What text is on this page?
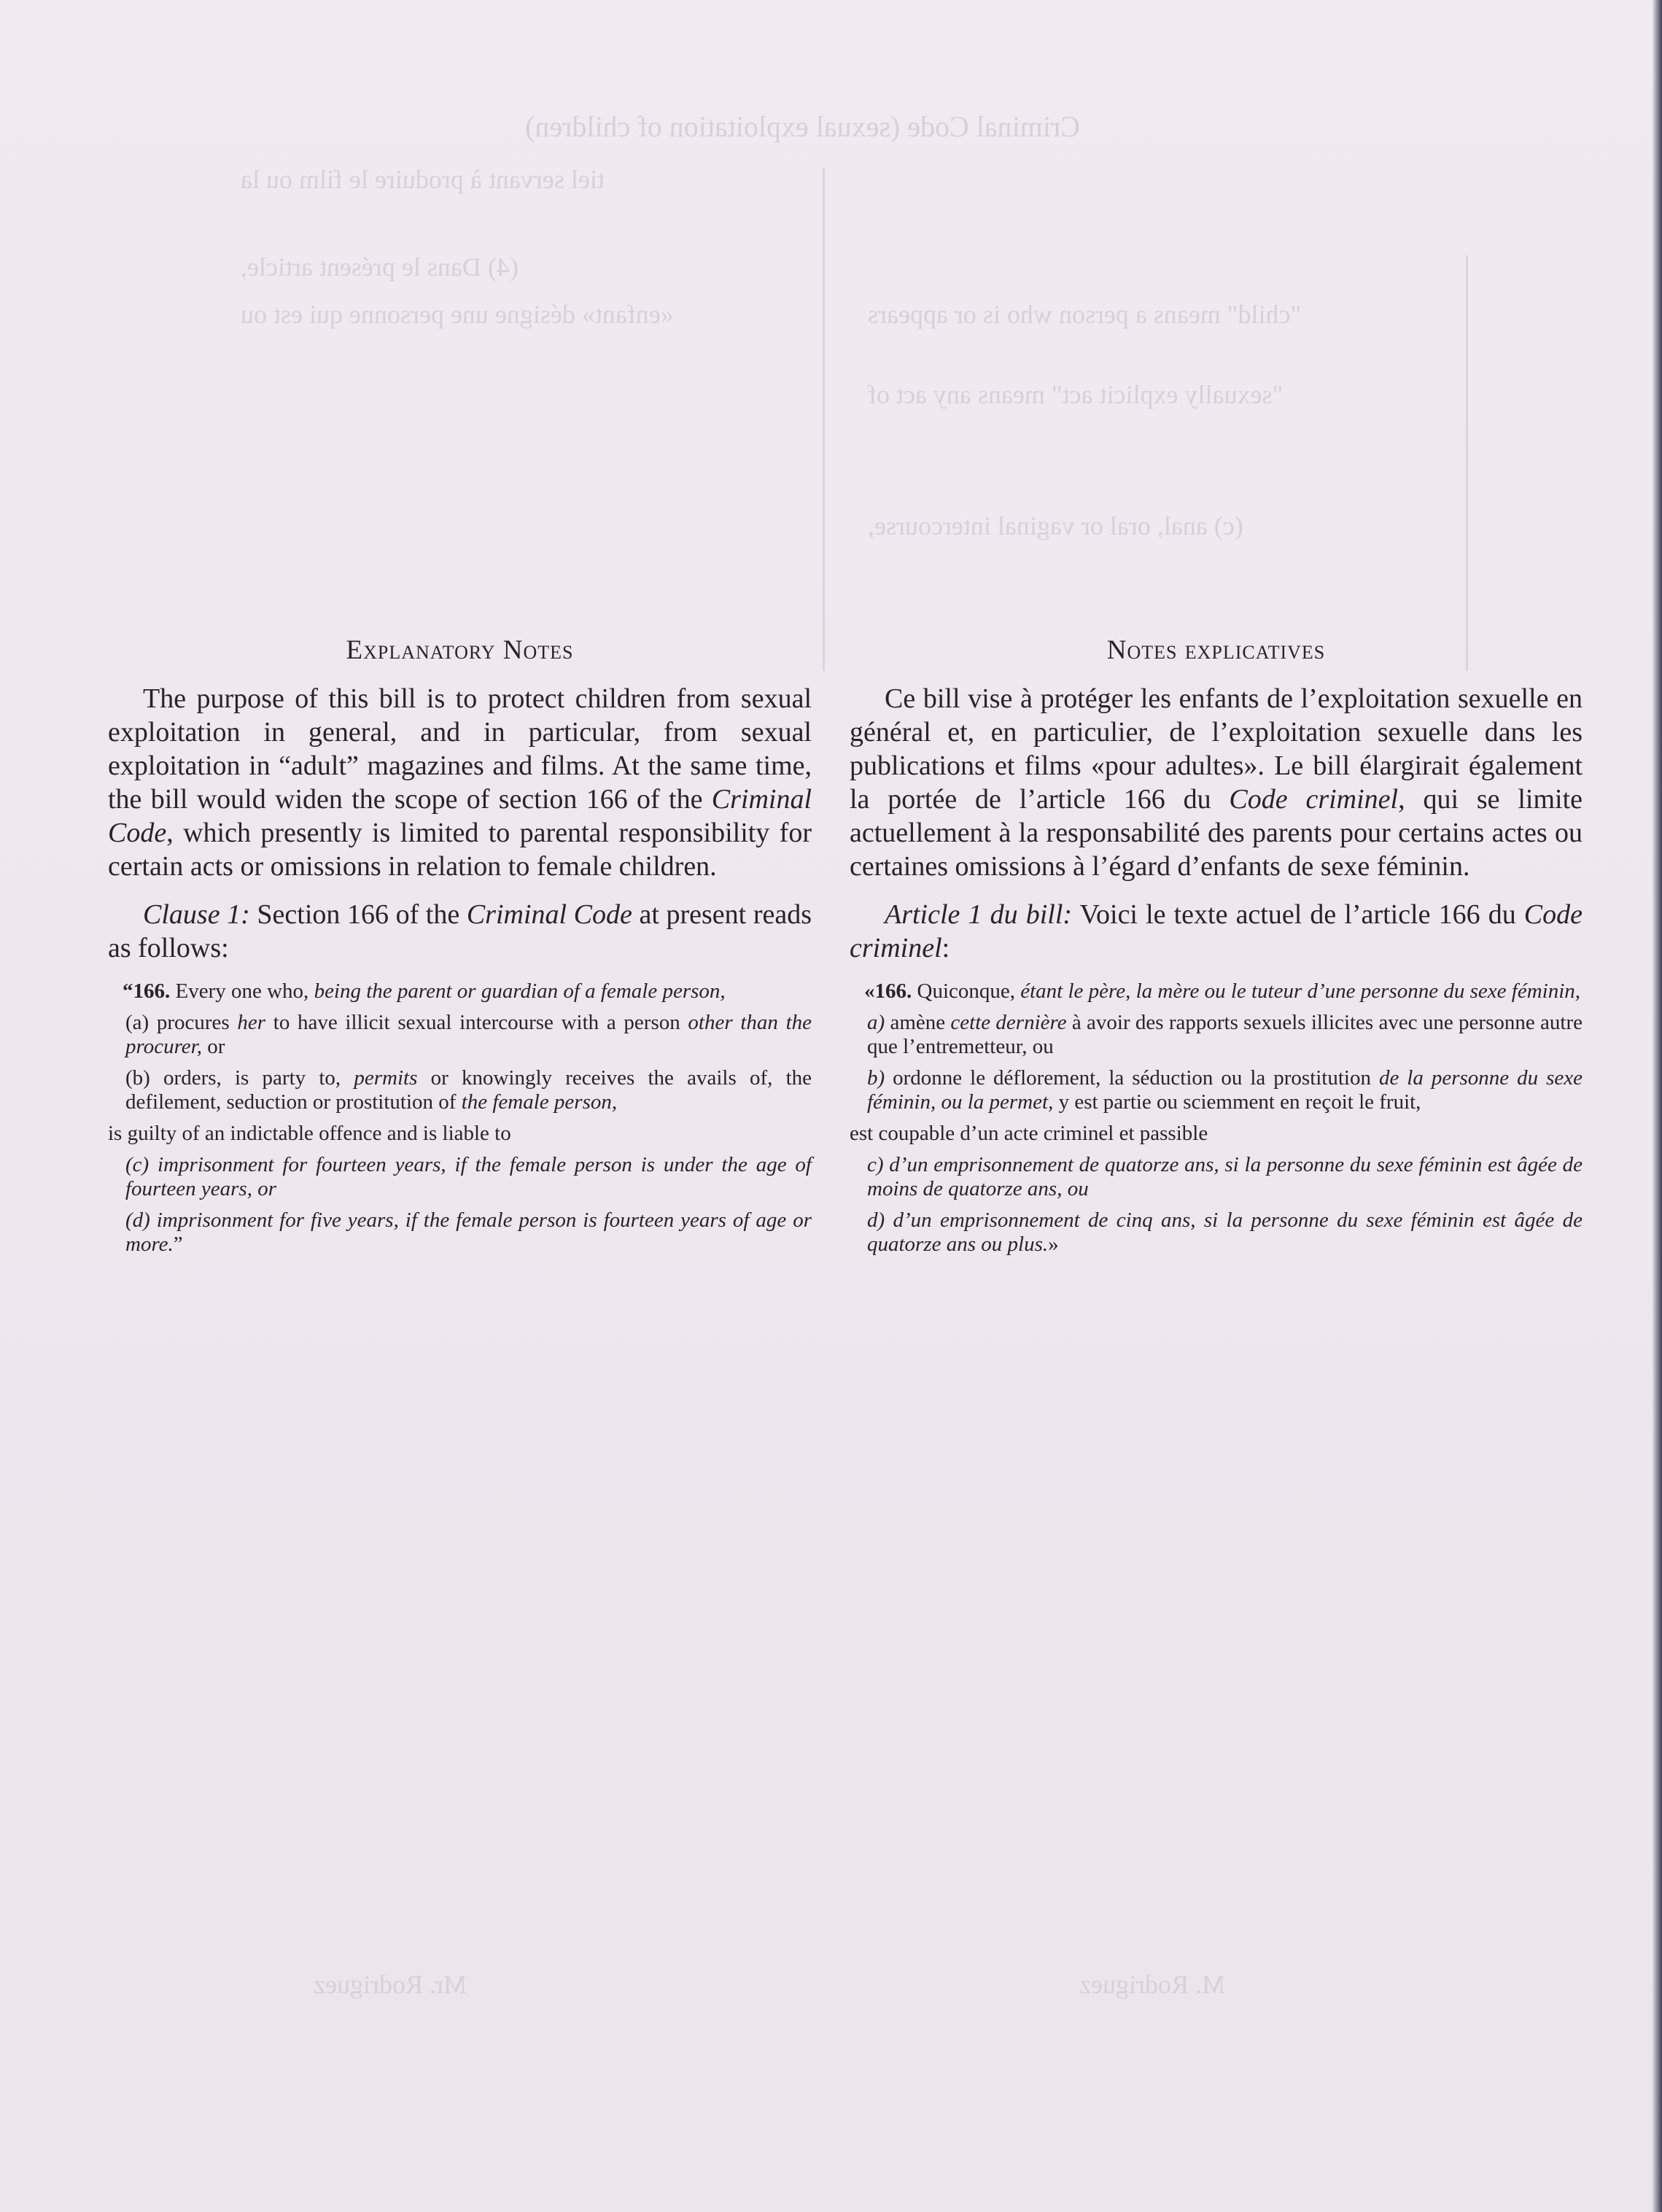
Criminal Code (sexual exploitation of children)
tiel servant à produire le film ou la
(4) Dans le présent article,
«enfant» désigne une personne qui est ou	"child" means a person who is or appears
"sexually explicit act" means any act of
(c) anal, oral or vaginal intercourse,
Mr. Rodriguez	M. Rodriguez
Explanatory Notes

The purpose of this bill is to protect children from sexual exploitation in general, and in particular, from sexual exploitation in “adult” magazines and films. At the same time, the bill would widen the scope of section 166 of the Criminal Code, which presently is limited to parental responsibility for certain acts or omissions in relation to female children.

Clause 1: Section 166 of the Criminal Code at present reads as follows:

“166. Every one who, being the parent or guardian of a female person,

(a) procures her to have illicit sexual intercourse with a person other than the procurer, or

(b) orders, is party to, permits or knowingly receives the avails of, the defilement, seduction or prostitution of the female person,

is guilty of an indictable offence and is liable to

(c) imprisonment for fourteen years, if the female person is under the age of fourteen years, or

(d) imprisonment for five years, if the female person is fourteen years of age or more.”

Notes explicatives

Ce bill vise à protéger les enfants de l’exploitation sexuelle en général et, en particulier, de l’exploitation sexuelle dans les publications et films «pour adultes». Le bill élargirait également la portée de l’article 166 du Code criminel, qui se limite actuellement à la responsabilité des parents pour certains actes ou certaines omissions à l’égard d’enfants de sexe féminin.

Article 1 du bill: Voici le texte actuel de l’article 166 du Code criminel:

«166. Quiconque, étant le père, la mère ou le tuteur d’une personne du sexe féminin,

a) amène cette dernière à avoir des rapports sexuels illicites avec une personne autre que l’entremetteur, ou

b) ordonne le déflorement, la séduction ou la prostitution de la personne du sexe féminin, ou la permet, y est partie ou sciemment en reçoit le fruit,

est coupable d’un acte criminel et passible

c) d’un emprisonnement de quatorze ans, si la personne du sexe féminin est âgée de moins de quatorze ans, ou

d) d’un emprisonnement de cinq ans, si la personne du sexe féminin est âgée de quatorze ans ou plus.»
